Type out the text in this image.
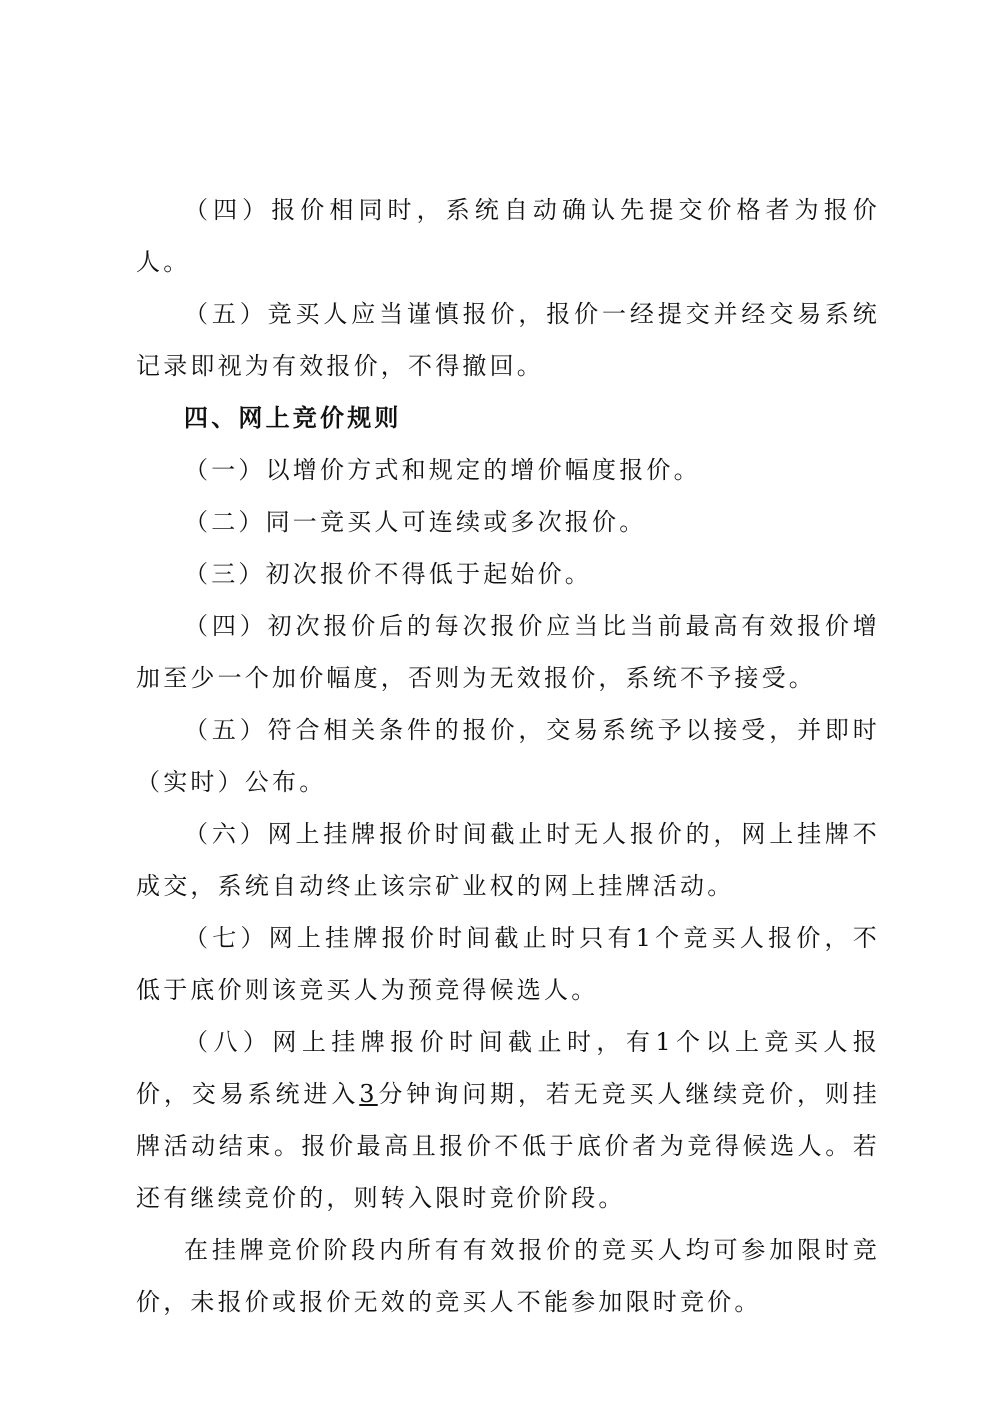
（四）报价相同时，系统自动确认先提交价格者为报价人。

（五）竞买人应当谨慎报价，报价一经提交并经交易系统记录即视为有效报价，不得撤回。

四、网上竞价规则

（一）以增价方式和规定的增价幅度报价。

（二）同一竞买人可连续或多次报价。

（三）初次报价不得低于起始价。

（四）初次报价后的每次报价应当比当前最高有效报价增加至少一个加价幅度，否则为无效报价，系统不予接受。

（五）符合相关条件的报价，交易系统予以接受，并即时（实时）公布。

（六）网上挂牌报价时间截止时无人报价的，网上挂牌不成交，系统自动终止该宗矿业权的网上挂牌活动。

（七）网上挂牌报价时间截止时只有1个竞买人报价，不低于底价则该竞买人为预竞得候选人。

（八）网上挂牌报价时间截止时，有1个以上竞买人报价，交易系统进入3分钟询问期，若无竞买人继续竞价，则挂牌活动结束。报价最高且报价不低于底价者为竞得候选人。若还有继续竞价的，则转入限时竞价阶段。

在挂牌竞价阶段内所有有效报价的竞买人均可参加限时竞价，未报价或报价无效的竞买人不能参加限时竞价。
